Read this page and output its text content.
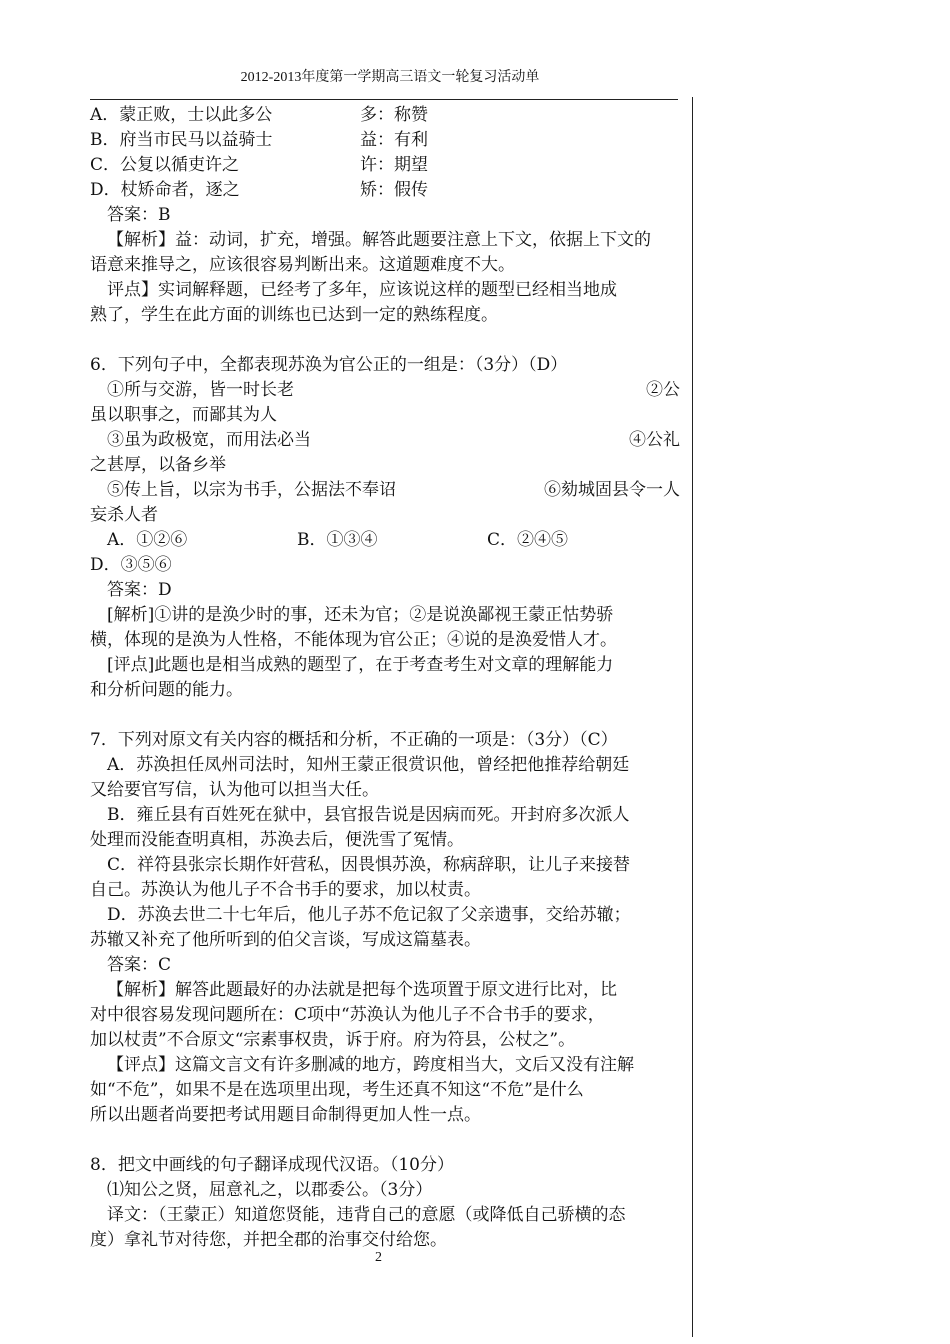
2012-2013年度第一学期高三语文一轮复习活动单
A．蒙正败，士以此多公	多：称赞
B．府当市民马以益骑士	益：有利
C．公复以循吏许之	许：期望
D．杖矫命者，逐之	矫：假传
答案：B
【解析】益：动词，扩充，增强。解答此题要注意上下文，依据上下文的
语意来推导之，应该很容易判断出来。这道题难度不大。
评点】实词解释题，已经考了多年，应该说这样的题型已经相当地成
熟了，学生在此方面的训练也已达到一定的熟练程度。
6．下列句子中，全都表现苏涣为官公正的一组是：（3分）（D）
①所与交游，皆一时长老	②公
虽以职事之，而鄙其为人
③虽为政极宽，而用法必当	④公礼
之甚厚，以备乡举
⑤传上旨，以宗为书手，公据法不奉诏	⑥劾城固县令一人
妄杀人者
A．①②⑥	B．①③④	C．②④⑤
D．③⑤⑥
答案：D
[解析]①讲的是涣少时的事，还未为官；②是说涣鄙视王蒙正怙势骄
横，体现的是涣为人性格，不能体现为官公正；④说的是涣爱惜人才。
[评点]此题也是相当成熟的题型了，在于考查考生对文章的理解能力
和分析问题的能力。
7．下列对原文有关内容的概括和分析，不正确的一项是：（3分）（C）
A．苏涣担任凤州司法时，知州王蒙正很赏识他，曾经把他推荐给朝廷
又给要官写信，认为他可以担当大任。
B．雍丘县有百姓死在狱中，县官报告说是因病而死。开封府多次派人
处理而没能查明真相，苏涣去后，便洗雪了冤情。
C．祥符县张宗长期作奸营私，因畏惧苏涣，称病辞职，让儿子来接替
自己。苏涣认为他儿子不合书手的要求，加以杖责。
D．苏涣去世二十七年后，他儿子苏不危记叙了父亲遗事，交给苏辙；
苏辙又补充了他所听到的伯父言谈，写成这篇墓表。
答案：C
【解析】解答此题最好的办法就是把每个选项置于原文进行比对，比
对中很容易发现问题所在：C项中“苏涣认为他儿子不合书手的要求，
加以杖责”不合原文“宗素事权贵，诉于府。府为符县，公杖之”。
【评点】这篇文言文有许多删减的地方，跨度相当大，文后又没有注解
如“不危”，如果不是在选项里出现，考生还真不知这“不危”是什么
所以出题者尚要把考试用题目命制得更加人性一点。
8．把文中画线的句子翻译成现代汉语。（10分）
⑴知公之贤，屈意礼之，以郡委公。（3分）
译文：（王蒙正）知道您贤能，违背自己的意愿（或降低自己骄横的态
度）拿礼节对待您，并把全郡的治事交付给您。
2
